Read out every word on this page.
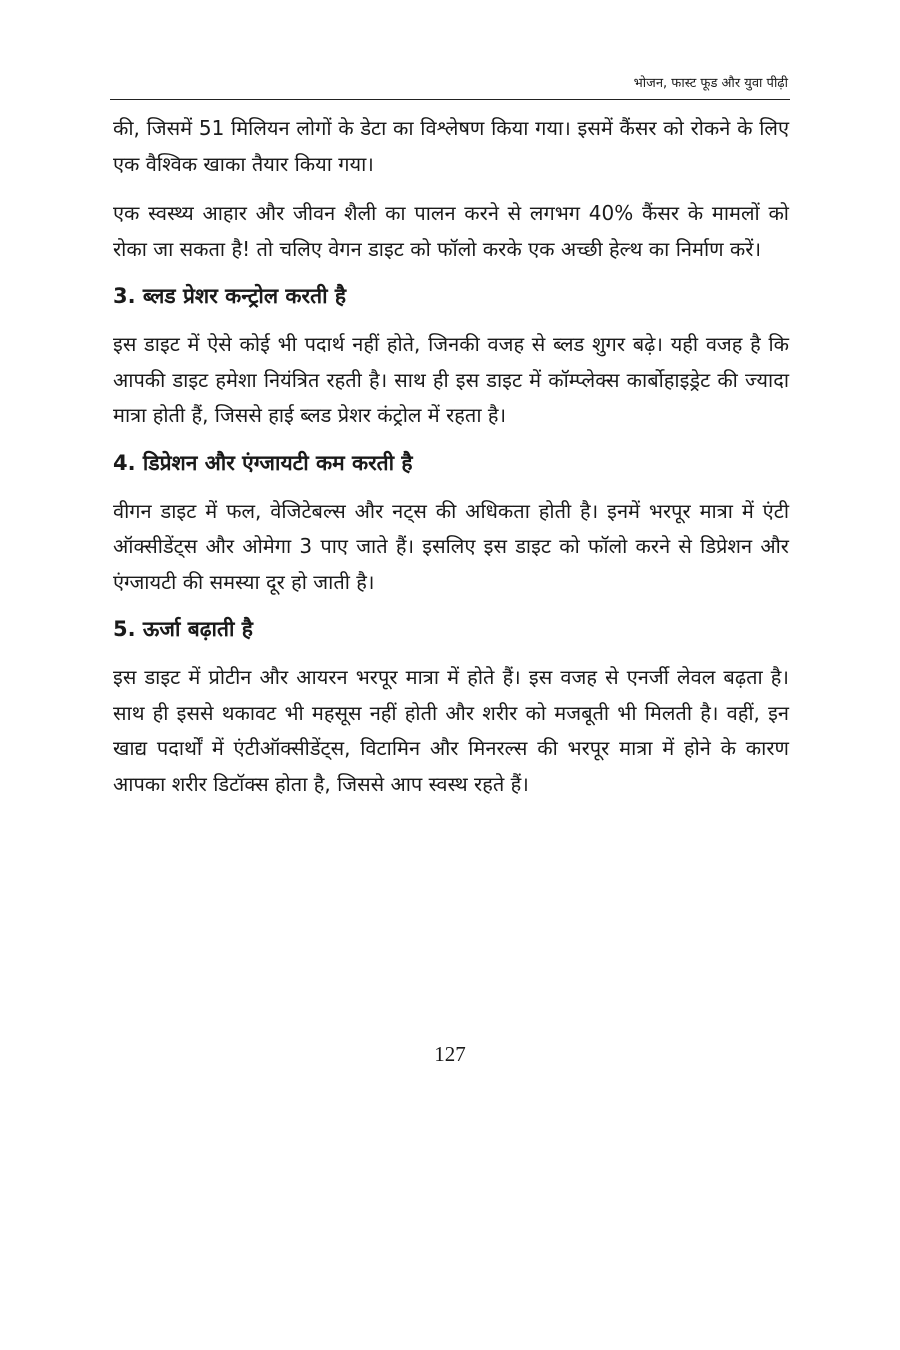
भोजन, फास्ट फूड और युवा पीढ़ी

की, जिसमें 51 मिलियन लोगों के डेटा का विश्लेषण किया गया। इसमें कैंसर को रोकने के लिए एक वैश्विक खाका तैयार किया गया।

एक स्वस्थ्य आहार और जीवन शैली का पालन करने से लगभग 40% कैंसर के मामलों को रोका जा सकता है! तो चलिए वेगन डाइट को फॉलो करके एक अच्छी हेल्थ का निर्माण करें।

3. ब्लड प्रेशर कन्ट्रोल करती है

इस डाइट में ऐसे कोई भी पदार्थ नहीं होते, जिनकी वजह से ब्लड शुगर बढ़े। यही वजह है कि आपकी डाइट हमेशा नियंत्रित रहती है। साथ ही इस डाइट में कॉम्प्लेक्स कार्बोहाइड्रेट की ज्यादा मात्रा होती हैं, जिससे हाई ब्लड प्रेशर कंट्रोल में रहता है।

4. डिप्रेशन और एंग्जायटी कम करती है

वीगन डाइट में फल, वेजिटेबल्स और नट्स की अधिकता होती है। इनमें भरपूर मात्रा में एंटी ऑक्सीडेंट्स और ओमेगा 3 पाए जाते हैं। इसलिए इस डाइट को फॉलो करने से डिप्रेशन और एंग्जायटी की समस्या दूर हो जाती है।

5. ऊर्जा बढ़ाती है

इस डाइट में प्रोटीन और आयरन भरपूर मात्रा में होते हैं। इस वजह से एनर्जी लेवल बढ़ता है। साथ ही इससे थकावट भी महसूस नहीं होती और शरीर को मजबूती भी मिलती है। वहीं, इन खाद्य पदार्थों में एंटीऑक्सीडेंट्स, विटामिन और मिनरल्स की भरपूर मात्रा में होने के कारण आपका शरीर डिटॉक्स होता है, जिससे आप स्वस्थ रहते हैं।

127
